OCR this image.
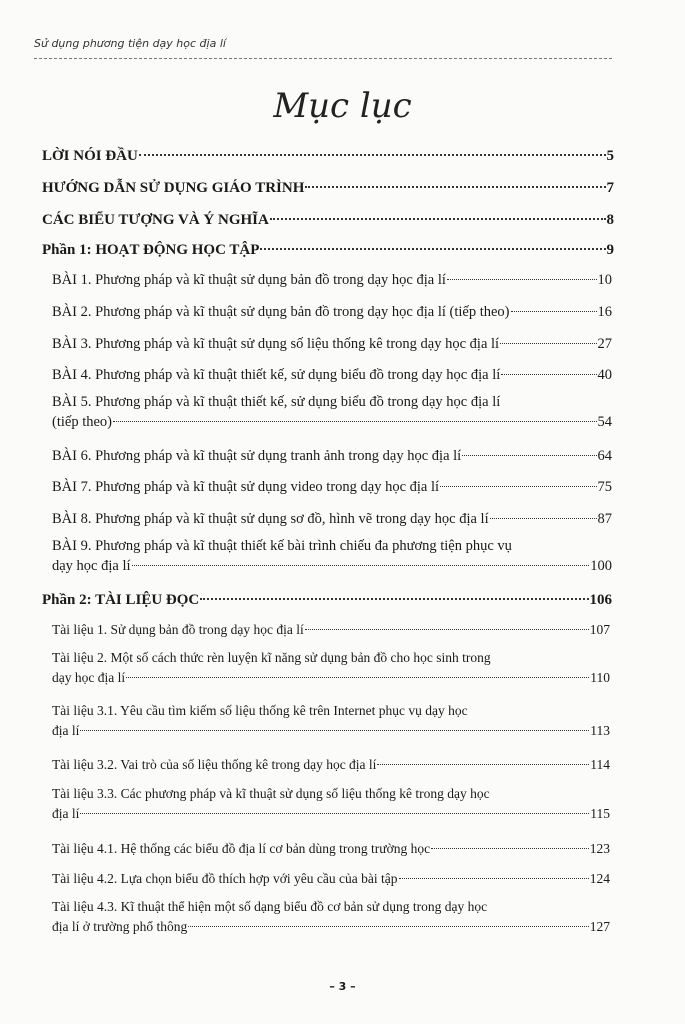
Sử dụng phương tiện dạy học địa lí
Mục lục
LỜI NÓI ĐẦU	5
HƯỚNG DẪN SỬ DỤNG GIÁO TRÌNH	7
CÁC BIỂU TƯỢNG VÀ Ý NGHĨA	8
Phần 1: HOẠT ĐỘNG HỌC TẬP	9
BÀI 1. Phương pháp và kĩ thuật sử dụng bản đồ trong dạy học địa lí	10
BÀI 2. Phương pháp và kĩ thuật sử dụng bản đồ trong dạy học địa lí (tiếp theo)	16
BÀI 3. Phương pháp và kĩ thuật sử dụng số liệu thống kê trong dạy học địa lí	27
BÀI 4. Phương pháp và kĩ thuật thiết kế, sử dụng biểu đồ trong dạy học địa lí	40
BÀI 5. Phương pháp và kĩ thuật thiết kế, sử dụng biểu đồ trong dạy học địa lí
(tiếp theo)	54
BÀI 6. Phương pháp và kĩ thuật sử dụng tranh ảnh trong dạy học địa lí	64
BÀI 7. Phương pháp và kĩ thuật sử dụng video trong dạy học địa lí	75
BÀI 8. Phương pháp và kĩ thuật sử dụng sơ đồ, hình vẽ trong dạy học địa lí	87
BÀI 9. Phương pháp và kĩ thuật thiết kế bài trình chiếu đa phương tiện phục vụ
dạy học địa lí	100
Phần 2: TÀI LIỆU ĐỌC	106
Tài liệu 1. Sử dụng bản đồ trong dạy học địa lí	107
Tài liệu 2. Một số cách thức rèn luyện kĩ năng sử dụng bản đồ cho học sinh trong
dạy học địa lí	110
Tài liệu 3.1. Yêu cầu tìm kiếm số liệu thống kê trên Internet phục vụ dạy học
địa lí	113
Tài liệu 3.2. Vai trò của số liệu thống kê trong dạy học địa lí	114
Tài liệu 3.3. Các phương pháp và kĩ thuật sử dụng số liệu thống kê trong dạy học
địa lí	115
Tài liệu 4.1. Hệ thống các biểu đồ địa lí cơ bản dùng trong trường học	123
Tài liệu 4.2. Lựa chọn biểu đồ thích hợp với yêu cầu của bài tập	124
Tài liệu 4.3. Kĩ thuật thể hiện một số dạng biểu đồ cơ bản sử dụng trong dạy học
địa lí ở trường phổ thông	127
– 3 –
